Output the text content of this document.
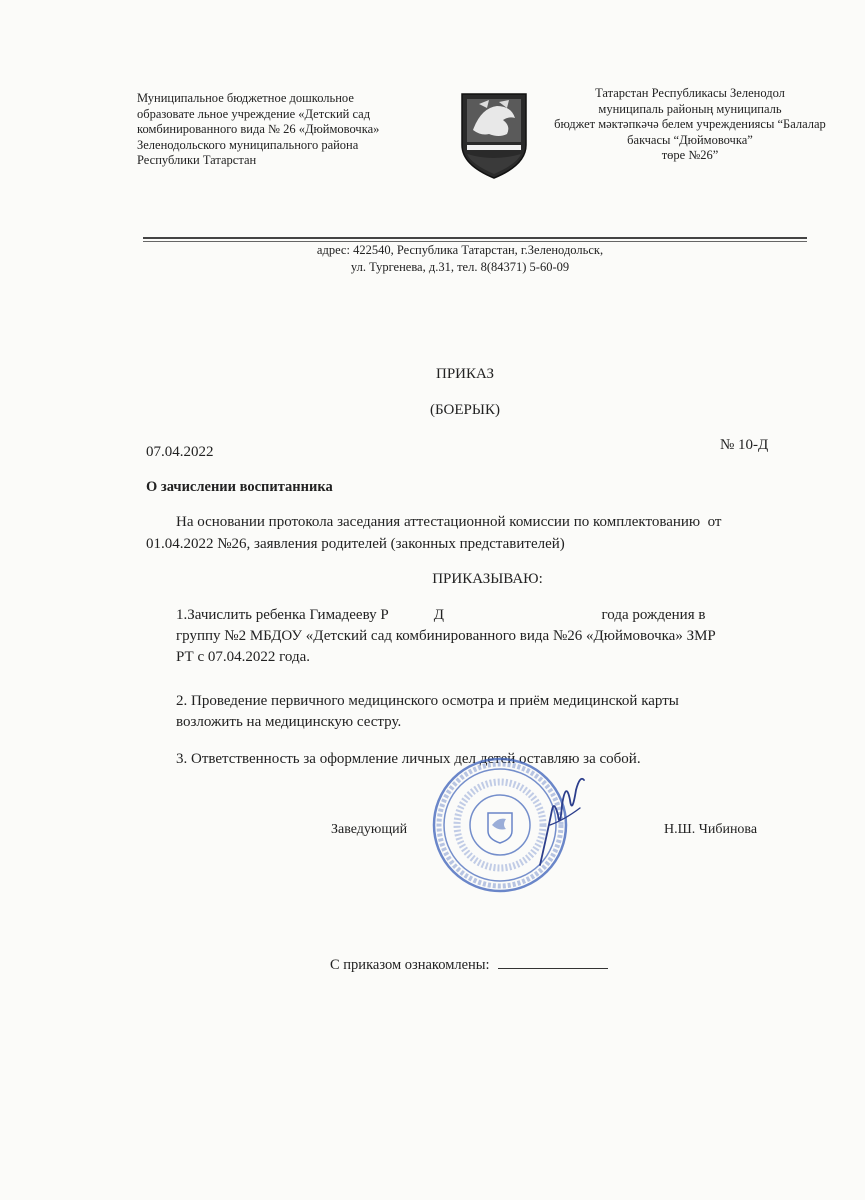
Муниципальное бюджетное дошкольное
образовате льное учреждение «Детский сад
комбинированного вида № 26 «Дюймовочка»
Зеленодольского муниципального района
Республики Татарстан
Татарстан Республикасы Зеленодол
муниципаль районың муниципаль
бюджет мәктәпкәчә белем учреждениясы “Балалар
бакчасы “Дюймовочка”
төре №26”
адрес: 422540, Республика Татарстан, г.Зеленодольск,
ул. Тургенева, д.31, тел. 8(84371) 5-60-09
ПРИКАЗ
(БОЕРЫК)
07.04.2022	№ 10-Д
О зачислении воспитанника
На основании протокола заседания аттестационной комиссии по комплектованию  от
01.04.2022 №26, заявления родителей (законных представителей)
ПРИКАЗЫВАЮ:
1.Зачислить ребенка Гимадееву Р            Д                                          года рождения в
группу №2 МБДОУ «Детский сад комбинированного вида №26 «Дюймовочка» ЗМР
РТ с 07.04.2022 года.
2. Проведение первичного медицинского осмотра и приём медицинской карты
возложить на медицинскую сестру.
3. Ответственность за оформление личных дел детей оставляю за собой.
Заведующий	Н.Ш. Чибинова
С приказом ознакомлены:
